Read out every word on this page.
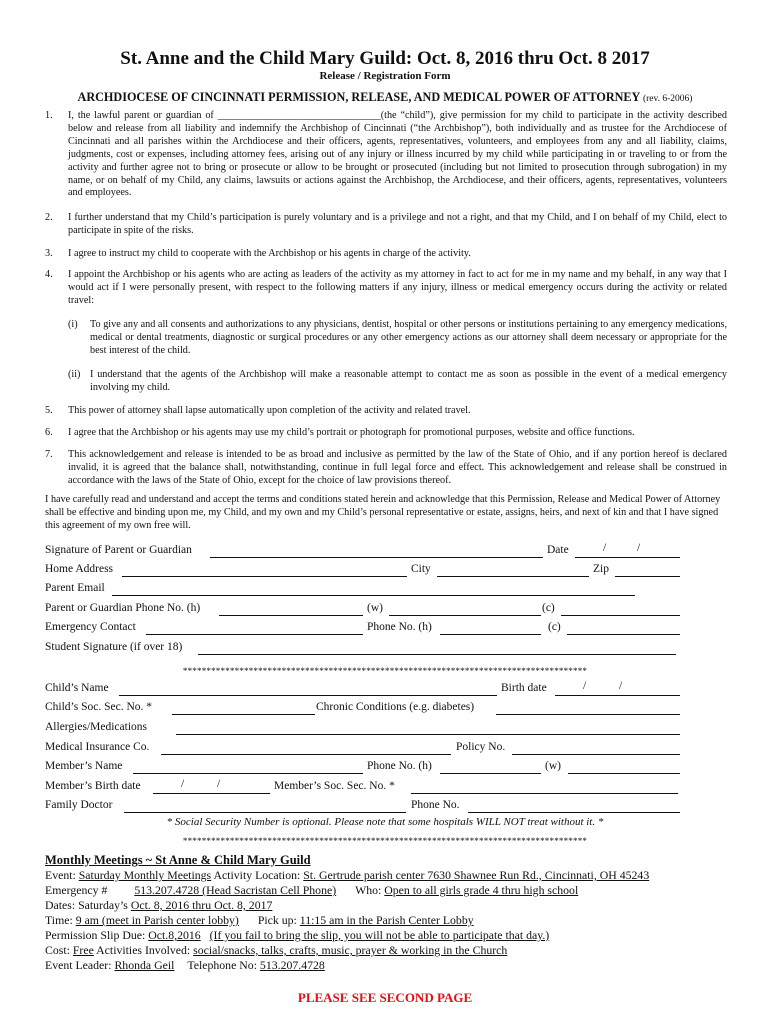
St. Anne and the Child Mary Guild: Oct. 8, 2016 thru Oct. 8 2017
Release / Registration Form
ARCHDIOCESE OF CINCINNATI PERMISSION, RELEASE, AND MEDICAL POWER OF ATTORNEY (rev. 6-2006)
1.	I, the lawful parent or guardian of ________________________________(the “child”), give permission for my child to participate in the activity described below and release from all liability and indemnify the Archbishop of Cincinnati (“the Archbishop”), both individually and as trustee for the Archdiocese of Cincinnati and all parishes within the Archdiocese and their officers, agents, representatives, volunteers, and employees from any and all liability, claims, judgments, cost or expenses, including attorney fees, arising out of any injury or illness incurred by my child while participating in or traveling to or from the activity and further agree not to bring or prosecute or allow to be brought or prosecuted (including but not limited to prosecution through subrogation) in my name, or on behalf of my Child, any claims, lawsuits or actions against the Archbishop, the Archdiocese, and their officers, agents, representatives, volunteers and employees.
2.	I further understand that my Child’s participation is purely voluntary and is a privilege and not a right, and that my Child, and I on behalf of my Child, elect to participate in spite of the risks.
3.	I agree to instruct my child to cooperate with the Archbishop or his agents in charge of the activity.
4.	I appoint the Archbishop or his agents who are acting as leaders of the activity as my attorney in fact to act for me in my name and my behalf, in any way that I would act if I were personally present, with respect to the following matters if any injury, illness or medical emergency occurs during the activity or related travel:
(i)	To give any and all consents and authorizations to any physicians, dentist, hospital or other persons or institutions pertaining to any emergency medications, medical or dental treatments, diagnostic or surgical procedures or any other emergency actions as our attorney shall deem necessary or appropriate for the best interest of the child.
(ii) I understand that the agents of the Archbishop will make a reasonable attempt to contact me as soon as possible in the event of a medical emergency involving my child.
5.	This power of attorney shall lapse automatically upon completion of the activity and related travel.
6.	I agree that the Archbishop or his agents may use my child’s portrait or photograph for promotional purposes, website and office functions.
7.	This acknowledgement and release is intended to be as broad and inclusive as permitted by the law of the State of Ohio, and if any portion hereof is declared invalid, it is agreed that the balance shall, notwithstanding, continue in full legal force and effect. This acknowledgement and release shall be construed in accordance with the laws of the State of Ohio, except for the choice of law provisions thereof.
I have carefully read and understand and accept the terms and conditions stated herein and acknowledge that this Permission, Release and Medical Power of Attorney shall be effective and binding upon me, my Child, and my own and my Child’s personal representative or estate, assigns, heirs, and next of kin and that I have signed this agreement of my own free will.
Signature of Parent or Guardian	Date	/	/
Home Address	City	Zip
Parent Email
Parent or Guardian Phone No. (h)	(w)	(c)
Emergency Contact	Phone No. (h)	(c)
Student Signature (if over 18)
**************************************************************************************
Child’s Name	Birth date	/	/
Child’s Soc. Sec. No. *	Chronic Conditions (e.g. diabetes)
Allergies/Medications
Medical Insurance Co.	Policy No.
Member’s Name	Phone No. (h)	(w)
Member’s Birth date	/	/	Member’s Soc. Sec. No. *
Family Doctor	Phone No.
* Social Security Number is optional. Please note that some hospitals WILL NOT treat without it. *
**************************************************************************************
Monthly Meetings ~ St Anne & Child Mary Guild
Event: Saturday Monthly Meetings Activity Location: St. Gertrude parish center 7630 Shawnee Run Rd., Cincinnati, OH 45243
Emergency # 513.207.4728 (Head Sacristan Cell Phone) Who: Open to all girls grade 4 thru high school
Dates: Saturday’s Oct. 8, 2016 thru Oct. 8, 2017
Time: 9 am (meet in Parish center lobby) Pick up: 11:15 am in the Parish Center Lobby
Permission Slip Due: Oct.8,2016 (If you fail to bring the slip, you will not be able to participate that day.)
Cost: Free Activities Involved: social/snacks, talks, crafts, music, prayer & working in the Church
Event Leader: Rhonda Geil Telephone No: 513.207.4728
PLEASE SEE SECOND PAGE
